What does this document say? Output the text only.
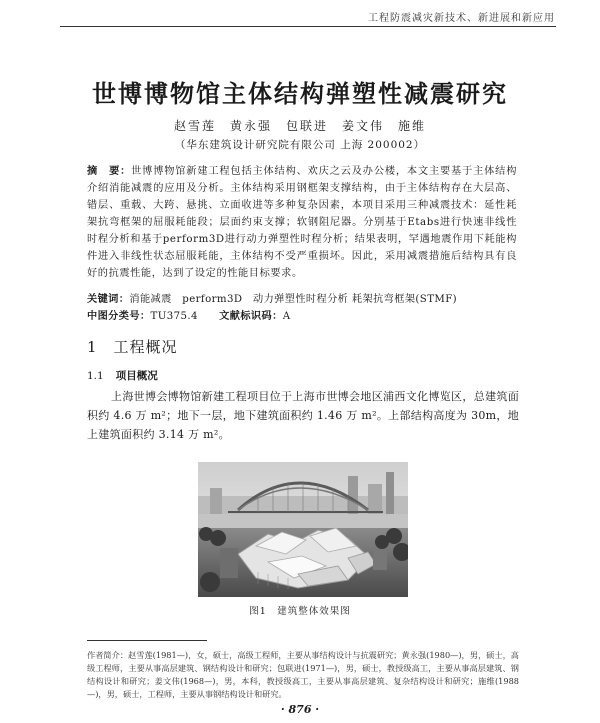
工程防震减灾新技术、新进展和新应用
世博博物馆主体结构弹塑性减震研究
赵雪莲　黄永强　包联进　姜文伟　施维
（华东建筑设计研究院有限公司 上海 200002）
摘　要：世博博物馆新建工程包括主体结构、欢庆之云及办公楼，本文主要基于主体结构介绍消能减震的应用及分析。主体结构采用钢框架支撑结构，由于主体结构存在大层高、错层、重载、大跨、悬挑、立面收进等多种复杂因素，本项目采用三种减震技术：延性耗架抗弯框架的屈服耗能段；层面约束支撑；软钢阻尼器。分别基于Etabs进行快速非线性时程分析和基于perform3D进行动力弹塑性时程分析；结果表明，罕遇地震作用下耗能构件进入非线性状态屈服耗能，主体结构不受严重损坏。因此，采用减震措施后结构具有良好的抗震性能，达到了设定的性能目标要求。
关键词：消能减震　perform3D　动力弹塑性时程分析 耗架抗弯框架(STMF)
中图分类号：TU375.4 文献标识码：A
1 工程概况
1.1 项目概况
上海世博会博物馆新建工程项目位于上海市世博会地区浦西文化博览区，总建筑面积约 4.6 万 m²；地下一层，地下建筑面积约 1.46 万 m²。上部结构高度为 30m，地上建筑面积约 3.14 万 m²。
图1　建筑整体效果图
作者简介：赵雪莲(1981—)，女，硕士，高级工程师，主要从事结构设计与抗震研究；黄永强(1980—)，男，硕士，高级工程师，主要从事高层建筑、钢结构设计和研究；包联进(1971—)，男，硕士，教授级高工，主要从事高层建筑、钢结构设计和研究；姜文伟(1968—)，男，本科，教授级高工，主要从事高层建筑、复杂结构设计和研究；施维(1988—)，男，硕士，工程师，主要从事钢结构设计和研究。
· 876 ·
